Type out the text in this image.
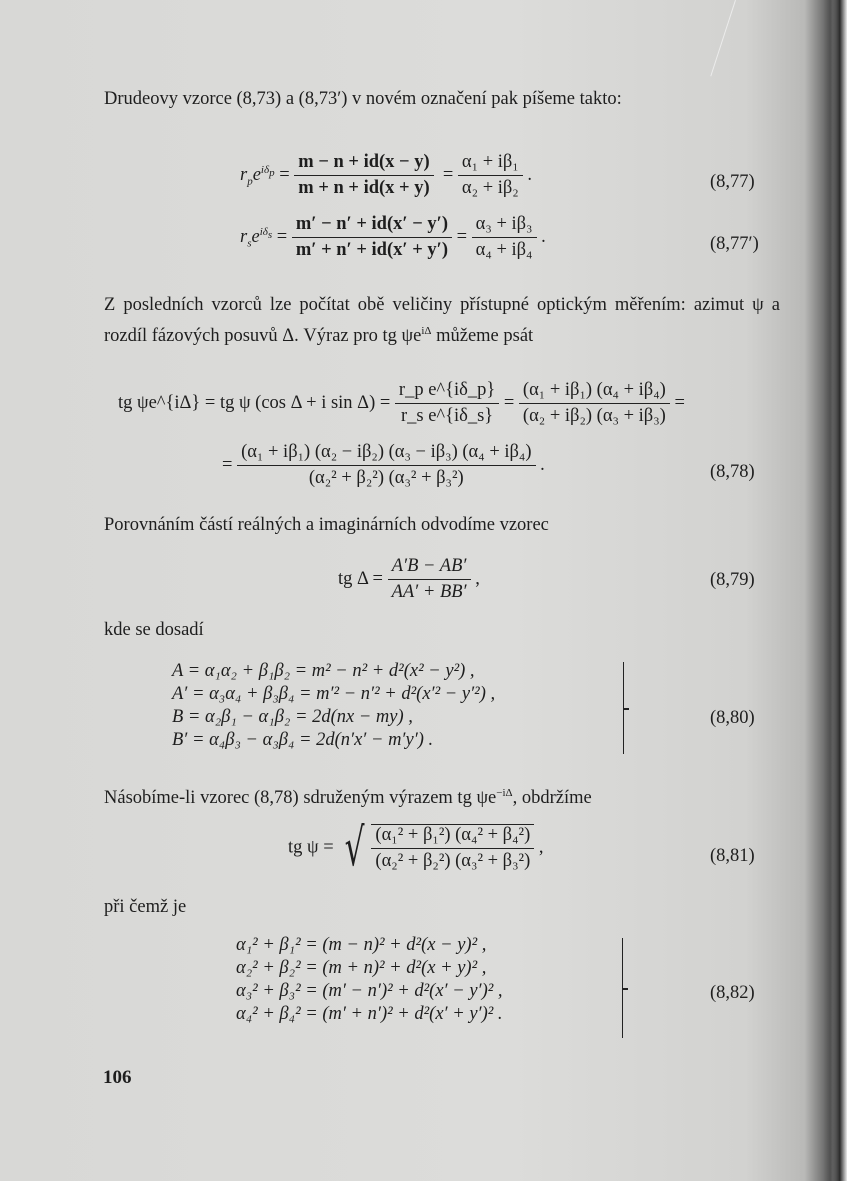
Drudeovy vzorce (8,73) a (8,73′) v novém označení pak píšeme takto:
$r_pe^{i\delta_p} = \frac{m - n + id(x - y)}{m + n + id(x + y)} = \frac{\text{α₁ + iβ₁}}{\text{α₂ + iβ₂}}$ .	(8,77)
$r_se^{i\delta_s} = \frac{m' - n' + id(x' - y')}{m' + n' + id(x' + y')} = \frac{\text{α₃ + iβ₃}}{\text{α₄ + iβ₄}}$ .	(8,77′)
Z posledních vzorců lze počítat obě veličiny přístupné optickým měřením: azimut ψ a rozdíl fázových posuvů Δ. Výraz pro tg $\psi e^{i\Delta}$ můžeme psát
tg ψe^{iΔ} = tg ψ (cos Δ + i $\sin \Delta) = \frac{\text{r\_p e\textasciicircum{}\{iδ\_p\}}}{\text{r\_s e\textasciicircum{}\{iδ\_s\}}} = \frac{\text{(α₁ + iβ₁) (α₄ + iβ₄)}}{\text{(α₂ + iβ₂) (α₃ + iβ₃)}}$ =
= $\frac{\text{(α₁ + iβ₁) (α₂ − iβ₂) (α₃ − iβ₃) (α₄ + iβ₄)}}{\text{(α₂² + β₂²) (α₃² + β₃²)}}$ .	(8,78)
Porovnáním částí reálných a imaginárních odvodíme vzorec
tg $\Delta = \frac{A'B - AB'}{AA' + BB'}$ ,	(8,79)
kde se dosadí
A = α₁α₂ + β₁β₂ = m² − n² + d²(x² − y²) ,
A′ = α₃α₄ + β₃β₄ = m′² − n′² + d²(x′² − y′²) ,
B = α₂β₁ − α₁β₂ = 2d(nx − my) ,
B′ = α₄β₃ − α₃β₄ = 2d(n′x′ − m′y′) .
(8,80)
Násobíme-li vzorec (8,78) sdruženým výrazem tg $\psi e^{-i\Delta}$, obdržíme
tg ψ = √ $\frac{\text{(α₁² + β₁²) (α₄² + β₄²)}}{\text{(α₂² + β₂²) (α₃² + β₃²)}}$ ,	(8,81)
při čemž je
α₁² + β₁² = (m − n)² + d²(x − y)² ,
α₂² + β₂² = (m + n)² + d²(x + y)² ,
α₃² + β₃² = (m′ − n′)² + d²(x′ − y′)² ,
α₄² + β₄² = (m′ + n′)² + d²(x′ + y′)² .
(8,82)
106
